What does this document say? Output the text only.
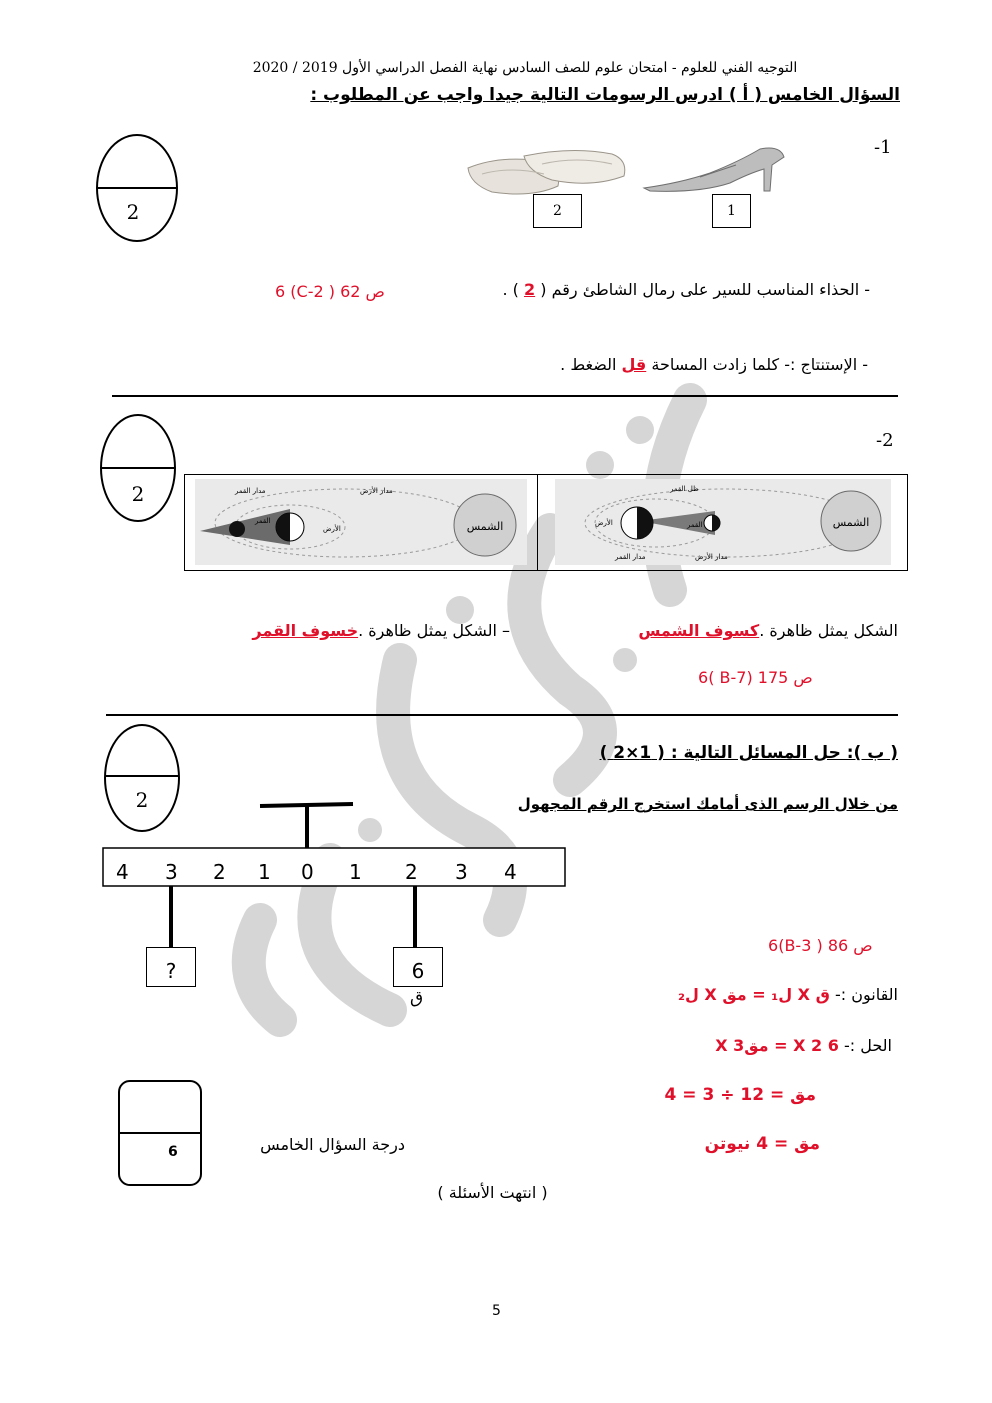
التوجيه الفني للعلوم - امتحان علوم للصف السادس نهاية الفصل الدراسي الأول 2019 / 2020
السؤال الخامس ( أ ) ادرس الرسومات التالية جيدا واجب عن المطلوب :
-1
2	2	1
- الحذاء المناسب للسير على رمال الشاطئ رقم ( 2 ) .
ص 62 ( C-2) 6
- الإستنتاج :- كلما زادت المساحة قل الضغط .
-2
2
الشمس
الأرض
القمر
مدار الأرض
مدار القمر
الشمس
الأرض	القمر
ظل القمر
مدار الأرض
مدار القمر
الشكل يمثل ظاهرة .كسوف الشمس
– الشكل يمثل ظاهرة .خسوف القمر
ص 175 (7-B )6
2
( ب ): حل المسائل التالية : ( 1×2 )
من خلال الرسم الذى أمامك استخرج الرقم المجهول
4 3 2 1 0 1 2 3 4
?	6
ق
ص 86 ( 3-B)6
القانون :- ق X ل₁ = مق X ل₂
الحل :- 6 X 2 = مقX 3
مق = 12 ÷ 3 = 4
مق = 4 نيوتن
6	درجة السؤال الخامس
( انتهت الأسئلة )
5
